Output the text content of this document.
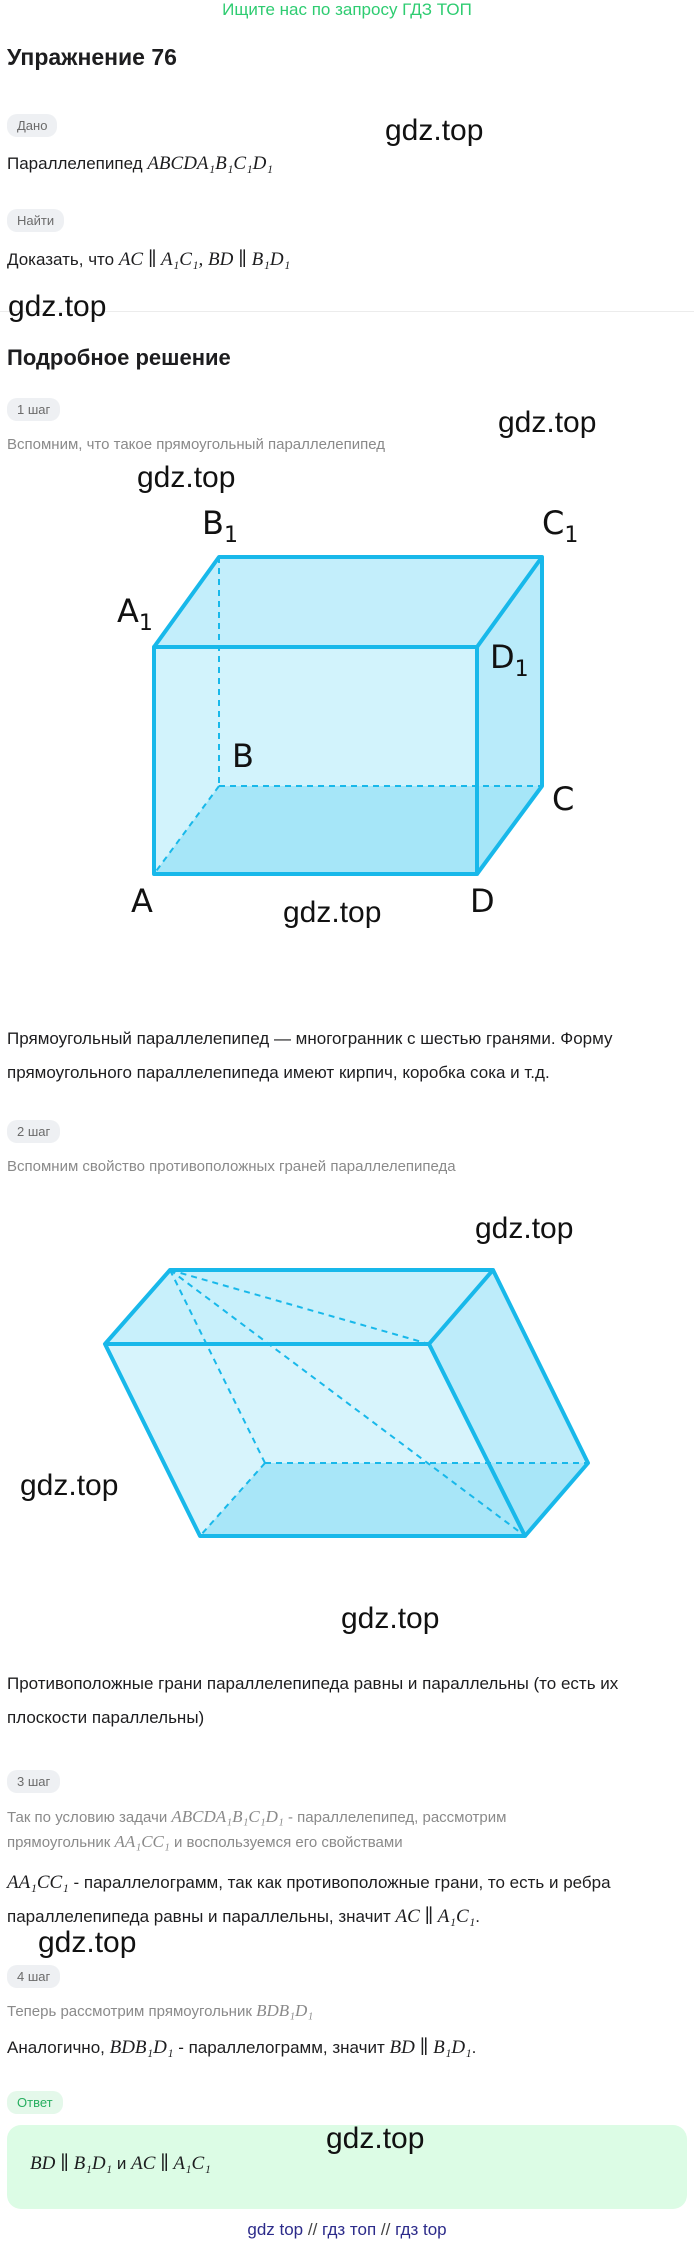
Ищите нас по запросу ГДЗ ТОП
Упражнение 76
Дано
Параллелепипед ABCDA₁B₁C₁D₁
Найти
Доказать, что AC ∥ A₁C₁, BD ∥ B₁D₁
Подробное решение
1 шаг
Вспомним, что такое прямоугольный параллелепипед
$B_1$	$C_1$
$A_1$
$D_1$
B
C
A	D
Прямоугольный параллелепипед — многогранник с шестью гранями. Форму
прямоугольного параллелепипеда имеют кирпич, коробка сока и т.д.
2 шаг
Вспомним свойство противоположных граней параллелепипеда
Противоположные грани параллелепипеда равны и параллельны (то есть их
плоскости параллельны)
3 шаг
Так по условию задачи ABCDA₁B₁C₁D₁ - параллелепипед, рассмотрим
прямоугольник AA₁CC₁ и воспользуемся его свойствами
AA₁CC₁ - параллелограмм, так как противоположные грани, то есть и ребра
параллелепипеда равны и параллельны, значит AC ∥ A₁C₁.
4 шаг
Теперь рассмотрим прямоугольник BDB₁D₁
Аналогично, BDB₁D₁ - параллелограмм, значит BD ∥ B₁D₁.
Ответ
BD ∥ B₁D₁ и AC ∥ A₁C₁
gdz.top
gdz.top
gdz.top
gdz.top
gdz.top
gdz.top
gdz.top
gdz.top
gdz.top
gdz.top
gdz top // гдз топ // гдз top
